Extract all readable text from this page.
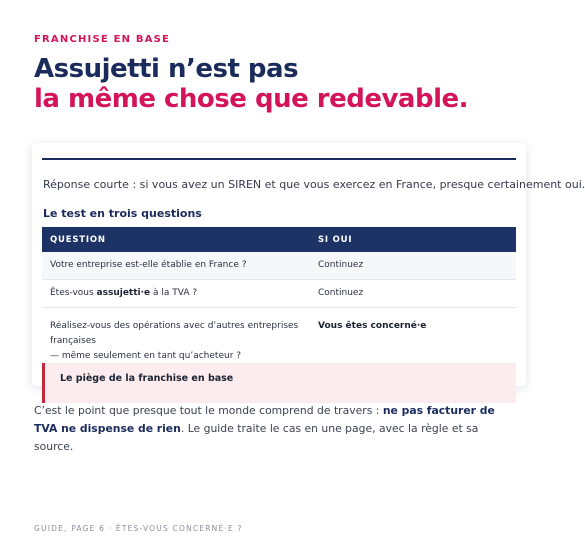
FRANCHISE EN BASE
Assujetti n’est pas
la même chose que redevable.
Réponse courte : si vous avez un SIREN et que vous exercez en France, presque certainement oui.
Le test en trois questions
QUESTION	SI OUI
Votre entreprise est-elle établie en France ?	Continuez
Êtes-vous assujetti·e à la TVA ?	Continuez

Réalisez-vous des opérations avec d’autres entreprises françaises
— même seulement en tant qu’acheteur ?	Vous êtes concerné·e
Le piège de la franchise en base

C’est le point que presque tout le monde comprend de travers : ne pas facturer de TVA ne dispense de rien. Le guide traite le cas en une page, avec la règle et sa source.

GUIDE, PAGE 6 · ÊTES-VOUS CONCERNÉ·E ?
